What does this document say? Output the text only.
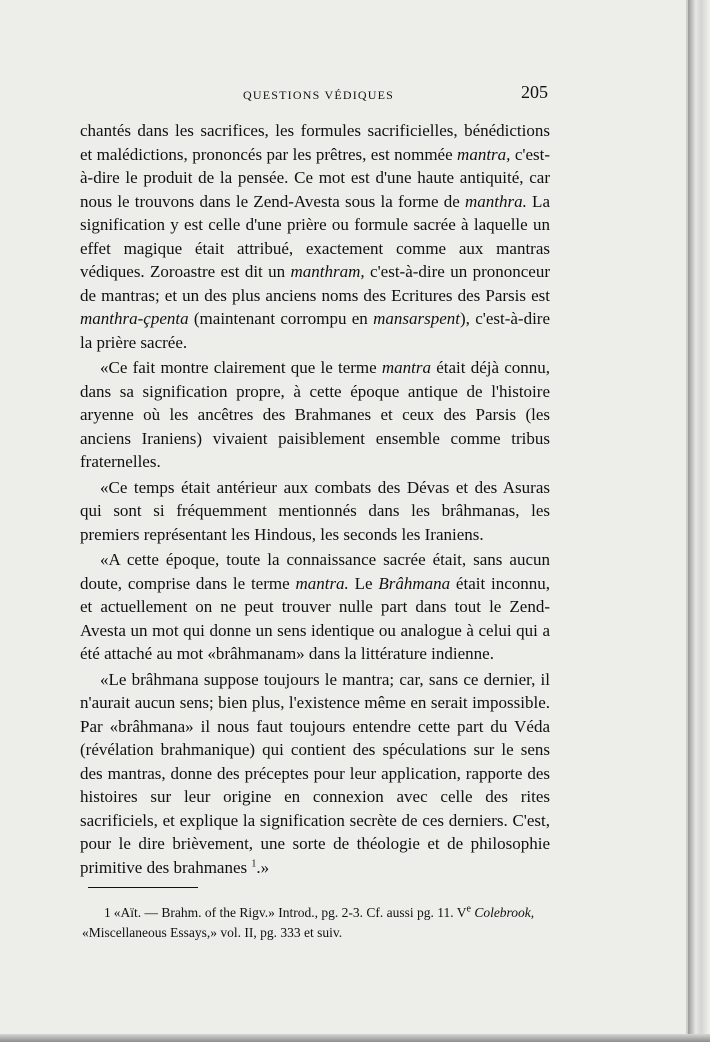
QUESTIONS VÉDIQUES	205

chantés dans les sacrifices, les formules sacrificielles, bénédictions et malédictions, prononcés par les prêtres, est nommée mantra, c'est-à-dire le produit de la pensée. Ce mot est d'une haute antiquité, car nous le trouvons dans le Zend-Avesta sous la forme de manthra. La signification y est celle d'une prière ou formule sacrée à laquelle un effet magique était attribué, exactement comme aux mantras védiques. Zoroastre est dit un manthram, c'est-à-dire un prononceur de mantras; et un des plus anciens noms des Ecritures des Parsis est manthra-çpenta (maintenant corrompu en mansarspent), c'est-à-dire la prière sacrée.

«Ce fait montre clairement que le terme mantra était déjà connu, dans sa signification propre, à cette époque antique de l'histoire aryenne où les ancêtres des Brahmanes et ceux des Parsis (les anciens Iraniens) vivaient paisiblement ensemble comme tribus fraternelles.

«Ce temps était antérieur aux combats des Dévas et des Asuras qui sont si fréquemment mentionnés dans les brâhmanas, les premiers représentant les Hindous, les seconds les Iraniens.

«A cette époque, toute la connaissance sacrée était, sans aucun doute, comprise dans le terme mantra. Le Brâhmana était inconnu, et actuellement on ne peut trouver nulle part dans tout le Zend-Avesta un mot qui donne un sens identique ou analogue à celui qui a été attaché au mot «brâhmanam» dans la littérature indienne.

«Le brâhmana suppose toujours le mantra; car, sans ce dernier, il n'aurait aucun sens; bien plus, l'existence même en serait impossible. Par «brâhmana» il nous faut toujours entendre cette part du Véda (révélation brahmanique) qui contient des spéculations sur le sens des mantras, donne des préceptes pour leur application, rapporte des histoires sur leur origine en connexion avec celle des rites sacrificiels, et explique la signification secrète de ces derniers. C'est, pour le dire brièvement, une sorte de théologie et de philosophie primitive des brahmanes $^1$.»

1 «Aït. — Brahm. of the Rigv.» Introd., pg. 2-3. Cf. aussi pg. 11. Ve Colebrook, «Miscellaneous Essays,» vol. II, pg. 333 et suiv.
